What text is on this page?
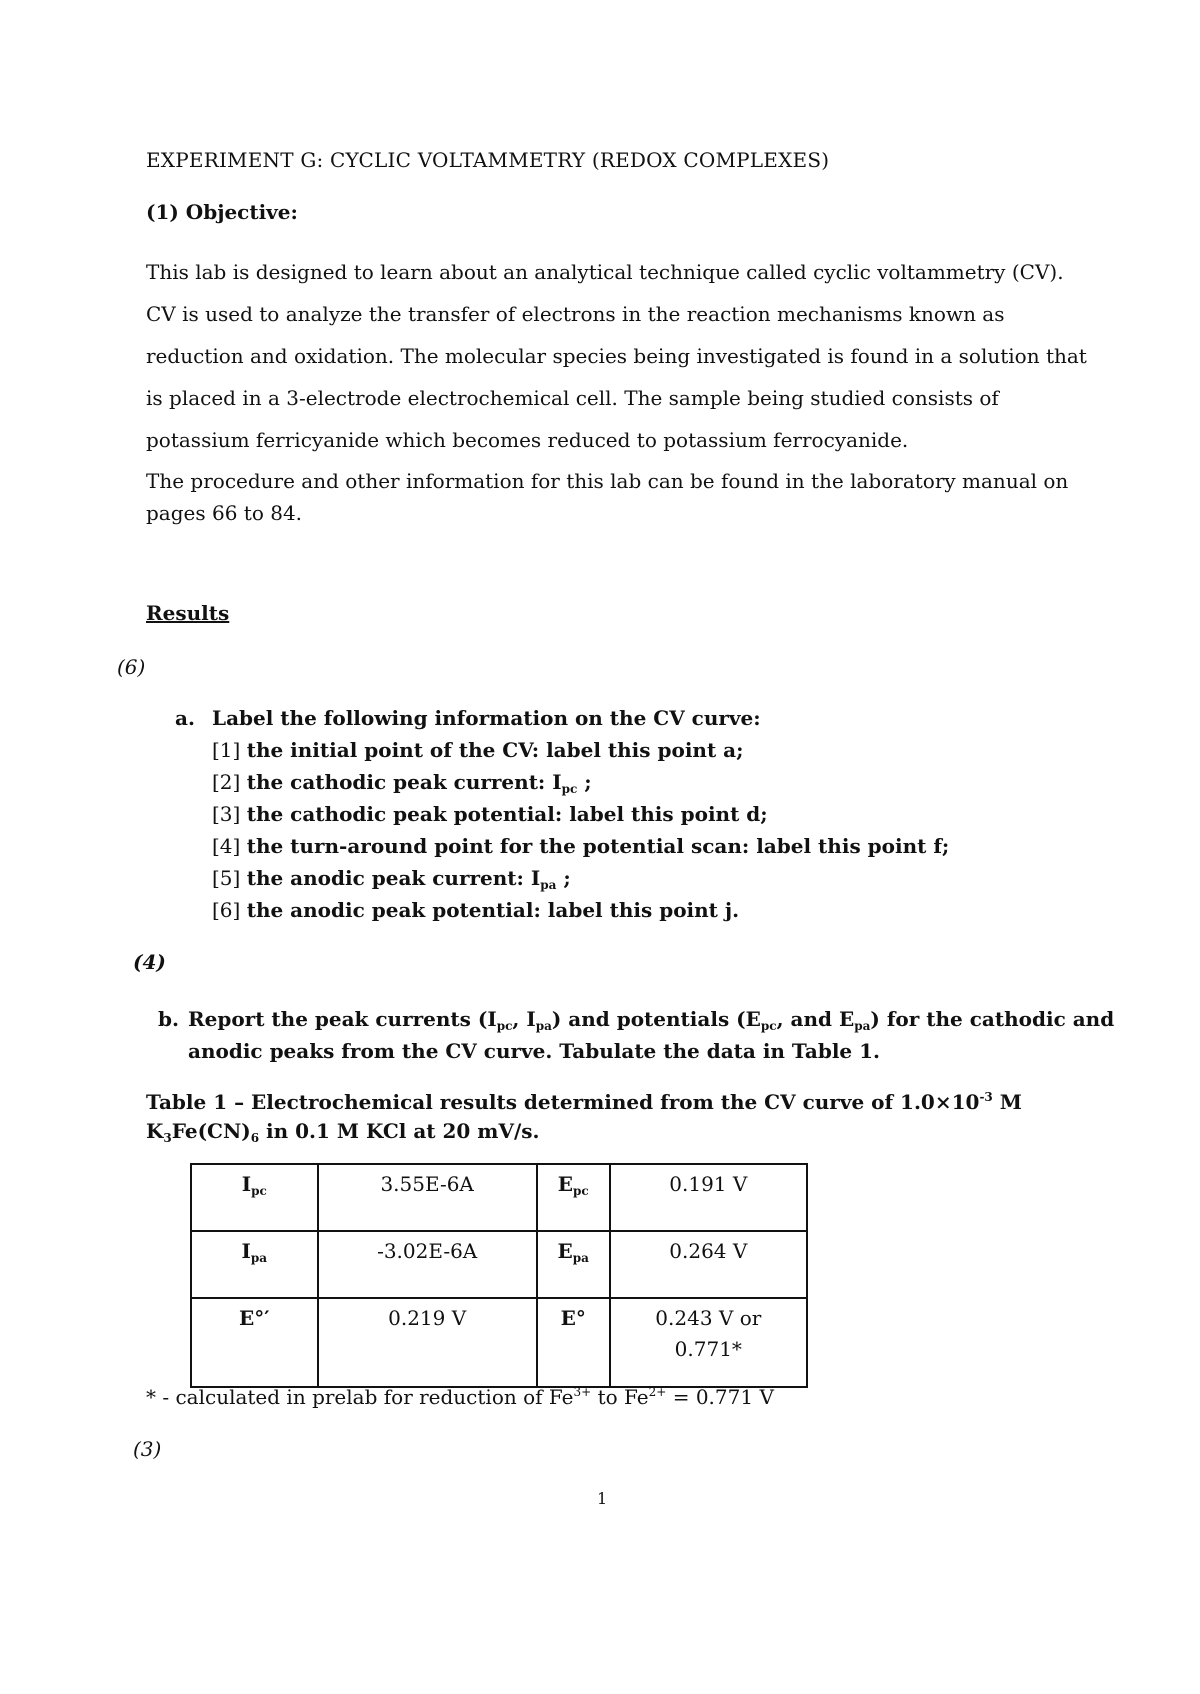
EXPERIMENT G: CYCLIC VOLTAMMETRY (REDOX COMPLEXES)
(1) Objective:
This lab is designed to learn about an analytical technique called cyclic voltammetry (CV).
CV is used to analyze the transfer of electrons in the reaction mechanisms known as
reduction and oxidation. The molecular species being investigated is found in a solution that
is placed in a 3-electrode electrochemical cell. The sample being studied consists of
potassium ferricyanide which becomes reduced to potassium ferrocyanide.
The procedure and other information for this lab can be found in the laboratory manual on
pages 66 to 84.
Results
(6)
a. Label the following information on the CV curve:
[1] the initial point of the CV: label this point a;
[2] the cathodic peak current: $I_{pc}$ ;
[3] the cathodic peak potential: label this point d;
[4] the turn-around point for the potential scan: label this point f;
[5] the anodic peak current: $I_{pa}$ ;
[6] the anodic peak potential: label this point j.
(4)
b. Report the peak currents ($I_{pc}$, $I_{pa}$) and potentials ($E_{pc}$, and $E_{pa}$) for the cathodic and
anodic peaks from the CV curve. Tabulate the data in Table 1.
Table 1 – Electrochemical results determined from the CV curve of $1.0\times 10^{-3}$ M
$K_3Fe(CN)_6$ in 0.1 M KCl at 20 mV/s.
$I_{pc}$	3.55E-6A	$E_{pc}$	0.191 V
$I_{pa}$	-3.02E-6A	$E_{pa}$	0.264 V
E°′	0.219 V	E°	0.243 V or
0.771*
* - calculated in prelab for reduction of $Fe^{3+}$ to $Fe^{2+} = 0.771$ V
(3)
1
